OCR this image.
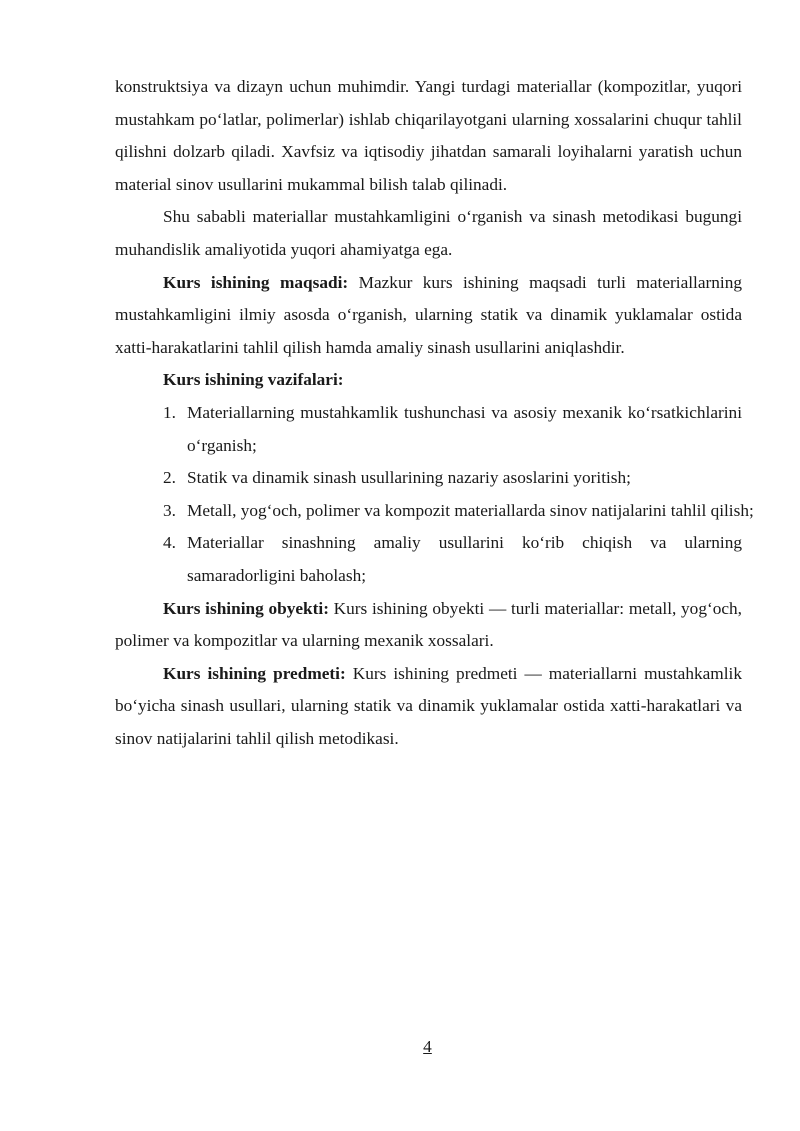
konstruktsiya va dizayn uchun muhimdir. Yangi turdagi materiallar (kompozitlar, yuqori mustahkam po‘latlar, polimerlar) ishlab chiqarilayotgani ularning xossalarini chuqur tahlil qilishni dolzarb qiladi. Xavfsiz va iqtisodiy jihatdan samarali loyihalarni yaratish uchun material sinov usullarini mukammal bilish talab qilinadi.

Shu sababli materiallar mustahkamligini o‘rganish va sinash metodikasi bugungi muhandislik amaliyotida yuqori ahamiyatga ega.

Kurs ishining maqsadi: Mazkur kurs ishining maqsadi turli materiallarning mustahkamligini ilmiy asosda o‘rganish, ularning statik va dinamik yuklamalar ostida xatti-harakatlarini tahlil qilish hamda amaliy sinash usullarini aniqlashdir.

Kurs ishining vazifalari:

1. Materiallarning mustahkamlik tushunchasi va asosiy mexanik ko‘rsatkichlarini o‘rganish;
2. Statik va dinamik sinash usullarining nazariy asoslarini yoritish;
3. Metall, yog‘och, polimer va kompozit materiallarda sinov natijalarini tahlil qilish;
4. Materiallar sinashning amaliy usullarini ko‘rib chiqish va ularning samaradorligini baholash;

Kurs ishining obyekti: Kurs ishining obyekti — turli materiallar: metall, yog‘och, polimer va kompozitlar va ularning mexanik xossalari.

Kurs ishining predmeti: Kurs ishining predmeti — materiallarni mustahkamlik bo‘yicha sinash usullari, ularning statik va dinamik yuklamalar ostida xatti-harakatlari va sinov natijalarini tahlil qilish metodikasi.

4
